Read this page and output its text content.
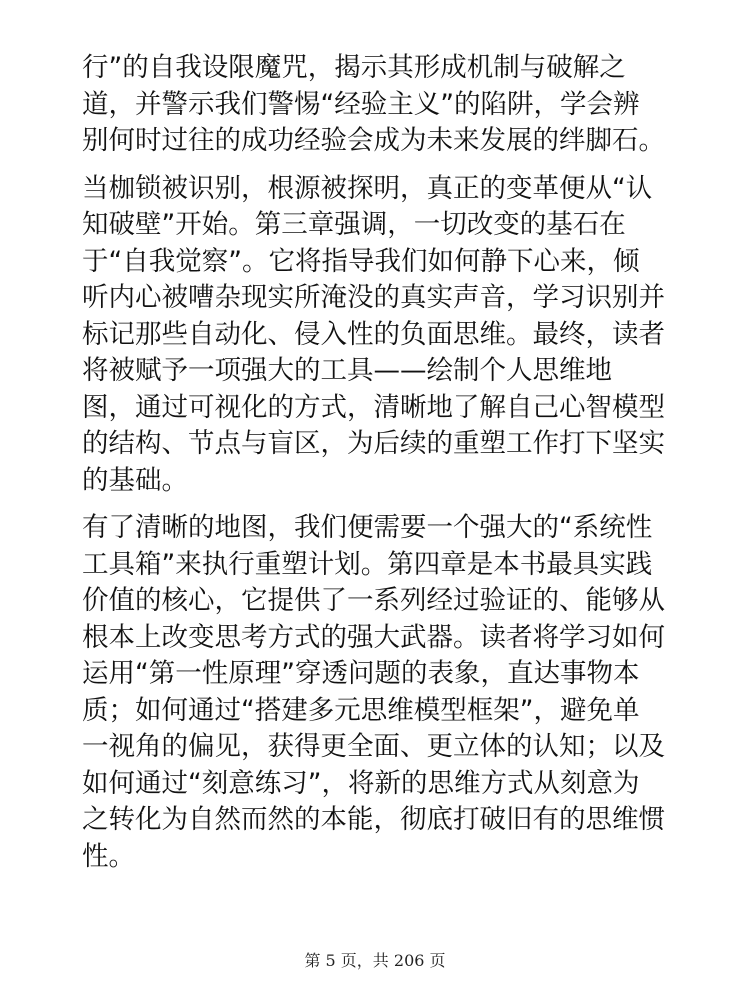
行”的自我设限魔咒，揭示其形成机制与破解之
道，并警示我们警惕“经验主义”的陷阱，学会辨
别何时过往的成功经验会成为未来发展的绊脚石。

当枷锁被识别，根源被探明，真正的变革便从“认
知破壁”开始。第三章强调，一切改变的基石在
于“自我觉察”。它将指导我们如何静下心来，倾
听内心被嘈杂现实所淹没的真实声音，学习识别并
标记那些自动化、侵入性的负面思维。最终，读者
将被赋予一项强大的工具——绘制个人思维地
图，通过可视化的方式，清晰地了解自己心智模型
的结构、节点与盲区，为后续的重塑工作打下坚实
的基础。

有了清晰的地图，我们便需要一个强大的“系统性
工具箱”来执行重塑计划。第四章是本书最具实践
价值的核心，它提供了一系列经过验证的、能够从
根本上改变思考方式的强大武器。读者将学习如何
运用“第一性原理”穿透问题的表象，直达事物本
质；如何通过“搭建多元思维模型框架”，避免单
一视角的偏见，获得更全面、更立体的认知；以及
如何通过“刻意练习”，将新的思维方式从刻意为
之转化为自然而然的本能，彻底打破旧有的思维惯
性。

第 5 页，共 206 页
